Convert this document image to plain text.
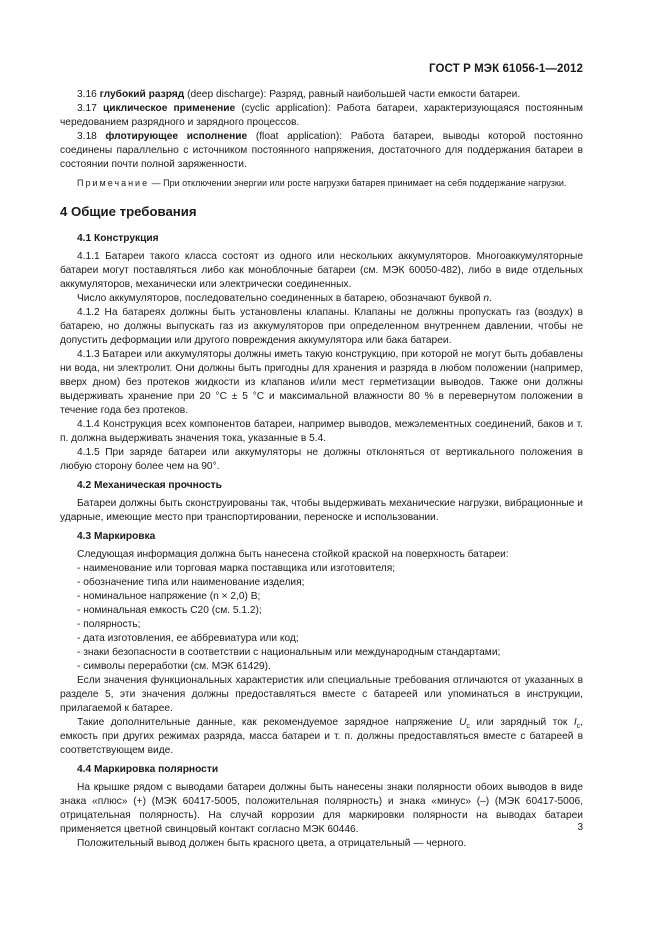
ГОСТ Р МЭК 61056-1—2012

3.16 глубокий разряд (deep discharge): Разряд, равный наибольшей части емкости батареи.

3.17 циклическое применение (cyclic application): Работа батареи, характеризующаяся постоянным чередованием разрядного и зарядного процессов.

3.18 флотирующее исполнение (float application): Работа батареи, выводы которой постоянно соединены параллельно с источником постоянного напряжения, достаточного для поддержания батареи в состоянии почти полной заряженности.

Примечание — При отключении энергии или росте нагрузки батарея принимает на себя поддержание нагрузки.

4 Общие требования

4.1 Конструкция

4.1.1 Батареи такого класса состоят из одного или нескольких аккумуляторов. Многоаккумуляторные батареи могут поставляться либо как моноблочные батареи (см. МЭК 60050-482), либо в виде отдельных аккумуляторов, механически или электрически соединенных.

Число аккумуляторов, последовательно соединенных в батарею, обозначают буквой n.

4.1.2 На батареях должны быть установлены клапаны. Клапаны не должны пропускать газ (воздух) в батарею, но должны выпускать газ из аккумуляторов при определенном внутреннем давлении, чтобы не допустить деформации или другого повреждения аккумулятора или бака батареи.

4.1.3 Батареи или аккумуляторы должны иметь такую конструкцию, при которой не могут быть добавлены ни вода, ни электролит. Они должны быть пригодны для хранения и разряда в любом положении (например, вверх дном) без протеков жидкости из клапанов и/или мест герметизации выводов. Также они должны выдерживать хранение при 20 °С ± 5 °С и максимальной влажности 80 % в перевернутом положении в течение года без протеков.

4.1.4 Конструкция всех компонентов батареи, например выводов, межэлементных соединений, баков и т. п. должна выдерживать значения тока, указанные в 5.4.

4.1.5 При заряде батареи или аккумуляторы не должны отклоняться от вертикального положения в любую сторону более чем на 90°.

4.2 Механическая прочность

Батареи должны быть сконструированы так, чтобы выдерживать механические нагрузки, вибрационные и ударные, имеющие место при транспортировании, переноске и использовании.

4.3 Маркировка

Следующая информация должна быть нанесена стойкой краской на поверхность батареи:

- наименование или торговая марка поставщика или изготовителя;

- обозначение типа или наименование изделия;

- номинальное напряжение (n × 2,0) В;

- номинальная емкость C20 (см. 5.1.2);

- полярность;

- дата изготовления, ее аббревиатура или код;

- знаки безопасности в соответствии с национальным или международным стандартами;

- символы переработки (см. МЭК 61429).

Если значения функциональных характеристик или специальные требования отличаются от указанных в разделе 5, эти значения должны предоставляться вместе с батареей или упоминаться в инструкции, прилагаемой к батарее.

Такие дополнительные данные, как рекомендуемое зарядное напряжение $U_c$ или зарядный ток $I_c$, емкость при других режимах разряда, масса батареи и т. п. должны предоставляться вместе с батареей в соответствующем виде.

4.4 Маркировка полярности

На крышке рядом с выводами батареи должны быть нанесены знаки полярности обоих выводов в виде знака «плюс» (+) (МЭК 60417-5005, положительная полярность) и знака «минус» (–) (МЭК 60417-5006, отрицательная полярность). На случай коррозии для маркировки полярности на выводах батареи применяется цветной свинцовый контакт согласно МЭК 60446.

Положительный вывод должен быть красного цвета, а отрицательный — черного.

3
